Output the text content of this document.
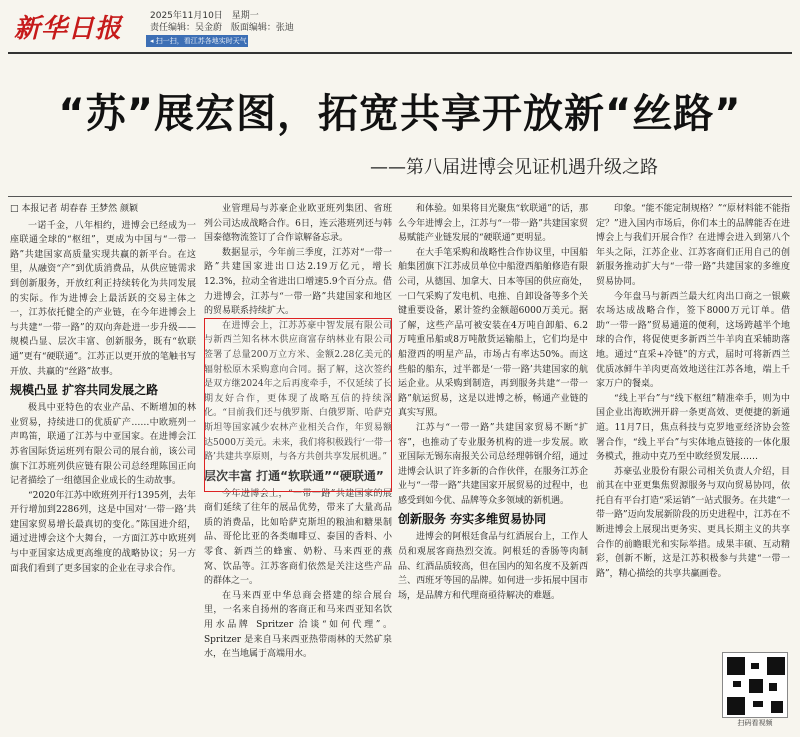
新华日报	2025年11月10日 星期一
责任编辑：吴金蔚 版面编辑：张迪
◂ 扫一扫，看江苏各地实时天气
“苏”展宏图，拓宽共享开放新“丝路”
——第八届进博会见证机遇升级之路

□ 本报记者 胡春春 王梦然 颜颖

一诺千金，八年相约，进博会已经成为一座联通全球的“枢纽”，更成为中国与“一带一路”共建国家高质量实现共赢的新平台。在这里，从融资“产”到优质消费品，从供应链需求到创新服务，开放红利正持续转化为共同发展的实际。作为进博会上最活跃的交易主体之一，江苏依托健全的产业链，在今年进博会上与共建“一带一路”的双向奔赴进一步升级——规模凸显、层次丰富、创新服务，既有“软联通”更有“硬联通”。江苏正以更开放的笔触书写开放、共赢的“丝路”故事。

规模凸显 扩容共同发展之路

极具中亚特色的农业产品、不断增加的林业贸易，持续进口的优质矿产……中欧班列一声鸣笛，联通了江苏与中亚国家。在进博会江苏省国际货运班列有限公司的展台前，该公司旗下江苏班列供应链有限公司总经理陈国正向记者描绘了一组德国企业成长的生动故事。

“2020年江苏中欧班列开行1395列，去年开行增加到2286列，这是中国对‘一带一路’共建国家贸易增长最真切的变化。”陈国进介绍，通过进博会这个大舞台，一方面江苏中欧班列与中亚国家达成更高维度的战略协议；另一方面我们看到了更多国家的企业在寻求合作。

业管理局与苏豪企业欧亚班列集团、省班列公司达成战略合作。6日，连云港班列还与韩国泰德物流签订了合作谅解备忘录。

数据显示，今年前三季度，江苏对“一带一路”共建国家进出口达2.19万亿元，增长12.3%，拉动全省进出口增速5.9个百分点。借力进博会，江苏与“一带一路”共建国家和地区的贸易联系持续扩大。

在进博会上，江苏苏豪中智发展有限公司与新西兰知名林木供应商富存纳林业有限公司签署了总量200万立方米、金额2.28亿美元的辐射松原木采购意向合同。据了解，这次签约是双方继2024年之后再度牵手，不仅延续了长期友好合作，更体现了战略互信的持续深化。“目前我们还与俄罗斯、白俄罗斯、哈萨克斯坦等国家减少农林产业相关合作，年贸易额达5000万美元。未来，我们将积极践行‘一带一路’共建共享原则，与各方共创共享发展机遇。”

层次丰富 打通“软联通”“硬联通”

今年进博会上，“一带一路”共建国家的展商们延续了往年的展品优势，带来了大量高品质的消费品，比如哈萨克斯坦的粮油和糖果制品、哥伦比亚的各类咖啡豆、泰国的香料、小零食、新西兰的蜂蜜、奶粉、马来西亚的燕窝、饮品等。江苏客商们依然是关注这些产品的群体之一。

在马来西亚中华总商会搭建的综合展台里，一名来自扬州的客商正和马来西亚知名饮用水品牌 Spritzer 洽谈“如何代理”。Spritzer 是来自马来西亚热带雨林的天然矿泉水，在当地属于高端用水。

和体验。如果将目光聚焦“软联通”的话，那么今年进博会上，江苏与“一带一路”共建国家贸易赋能产业链发展的“硬联通”更明显。

在大手笔采购和战略性合作协议里，中国船舶集团旗下江苏成员单位中船澄西船舶修造有限公司，从德国、加拿大、日本等国的供应商处，一口气采购了发电机、电推、自卸设备等多个关键重要设备，累计签约金额超6000万美元。据了解，这些产品可被安装在4万吨自卸船、6.2万吨重吊船或8万吨散货运输船上，它们均是中船澄西的明星产品，市场占有率达50%。而这些船的船东，过半都是‘一带一路’共建国家的航运企业。从采购到制造，再到服务共建“一带一路”航运贸易，这是以进博之桥，畅通产业链的真实写照。

江苏与“一带一路”共建国家贸易不断“扩容”，也推动了专业服务机构的进一步发展。欧亚国际无锡东南报关公司总经理韩钢介绍，通过进博会认识了许多新的合作伙伴，在服务江苏企业与“一带一路”共建国家开展贸易的过程中，也感受到如今优、品牌等众多领域的新机遇。

创新服务 夯实多维贸易协同

进博会的阿根廷食品与红酒展台上，工作人员和观展客商热烈交流。阿根廷的香肠等肉制品、红酒品质较高，但在国内的知名度不及新西兰、西班牙等国的品牌。如何进一步拓展中国市场，是品牌方和代理商亟待解决的难题。

印象。“能不能定制规格？”“原材料能不能指定？”进入国内市场后，你们本土的品牌能否在进博会上与我们开展合作？在进博会进入到第八个年头之际，江苏企业、江苏客商们正用自己的创新服务推动扩大与“一带一路”共建国家的多维度贸易协同。

今年盘马与新西兰最大红肉出口商之一银蕨农场达成战略合作，签下8000万元订单。借助“一带一路”贸易通道的便利，这场跨越半个地球的合作，将促使更多新西兰牛羊肉直采辅助落地。通过“直采+冷链”的方式，届时可将新西兰优质冰鲜牛羊肉更高效地送往江苏各地，端上千家万户的餐桌。

“线上平台”与“线下枢纽”精准牵手，则为中国企业出海欧洲开辟一条更高效、更便捷的新通道。11月7日，焦点科技与克罗地亚经济协会签署合作，“线上平台”与实体地点链接的一体化服务模式，推动中克乃至中欧经贸发展……

苏豪弘业股份有限公司相关负责人介绍，目前其在中亚更集焦贸源服务与双向贸易协同，依托自有平台打造“采运销”一站式服务。在共建“一带一路”迈向发展新阶段的历史进程中，江苏在不断进博会上展现出更务实、更具长期主义的共享合作的前瞻眼光和实际举措。成果丰硕、互动精彩，创新不断，这是江苏积极参与共建“一带一路”，精心描绘的共享共赢画卷。

扫码看视频
